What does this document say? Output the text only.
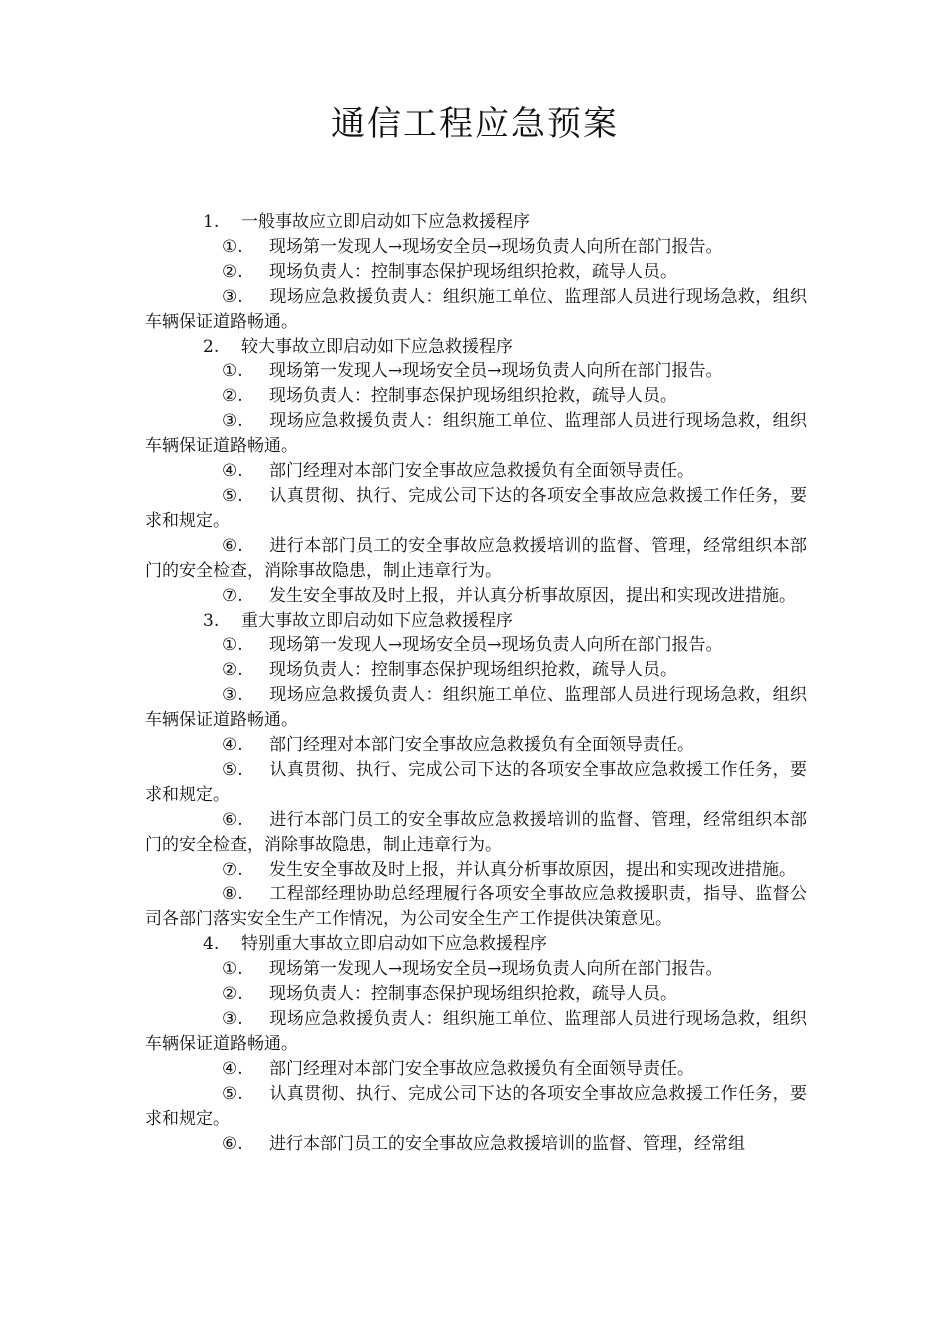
通信工程应急预案

1. 一般事故应立即启动如下应急救援程序

①. 现场第一发现人→现场安全员→现场负责人向所在部门报告。

②. 现场负责人：控制事态保护现场组织抢救，疏导人员。

③. 现场应急救援负责人：组织施工单位、监理部人员进行现场急救，组织车辆保证道路畅通。

2. 较大事故立即启动如下应急救援程序

①. 现场第一发现人→现场安全员→现场负责人向所在部门报告。

②. 现场负责人：控制事态保护现场组织抢救，疏导人员。

③. 现场应急救援负责人：组织施工单位、监理部人员进行现场急救，组织车辆保证道路畅通。

④. 部门经理对本部门安全事故应急救援负有全面领导责任。

⑤. 认真贯彻、执行、完成公司下达的各项安全事故应急救援工作任务，要求和规定。

⑥. 进行本部门员工的安全事故应急救援培训的监督、管理，经常组织本部门的安全检查，消除事故隐患，制止违章行为。

⑦. 发生安全事故及时上报，并认真分析事故原因，提出和实现改进措施。

3. 重大事故立即启动如下应急救援程序

①. 现场第一发现人→现场安全员→现场负责人向所在部门报告。

②. 现场负责人：控制事态保护现场组织抢救，疏导人员。

③. 现场应急救援负责人：组织施工单位、监理部人员进行现场急救，组织车辆保证道路畅通。

④. 部门经理对本部门安全事故应急救援负有全面领导责任。

⑤. 认真贯彻、执行、完成公司下达的各项安全事故应急救援工作任务，要求和规定。

⑥. 进行本部门员工的安全事故应急救援培训的监督、管理，经常组织本部门的安全检查，消除事故隐患，制止违章行为。

⑦. 发生安全事故及时上报，并认真分析事故原因，提出和实现改进措施。

⑧. 工程部经理协助总经理履行各项安全事故应急救援职责，指导、监督公司各部门落实安全生产工作情况，为公司安全生产工作提供决策意见。

4. 特别重大事故立即启动如下应急救援程序

①. 现场第一发现人→现场安全员→现场负责人向所在部门报告。

②. 现场负责人：控制事态保护现场组织抢救，疏导人员。

③. 现场应急救援负责人：组织施工单位、监理部人员进行现场急救，组织车辆保证道路畅通。

④. 部门经理对本部门安全事故应急救援负有全面领导责任。

⑤. 认真贯彻、执行、完成公司下达的各项安全事故应急救援工作任务，要求和规定。

⑥. 进行本部门员工的安全事故应急救援培训的监督、管理，经常组
